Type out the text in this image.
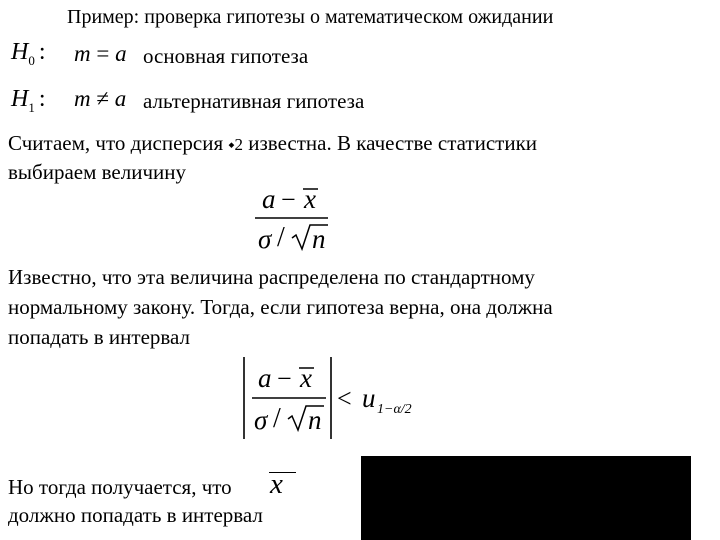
Пример: проверка гипотезы о математическом ожидании
$H_0$ : m = a основная гипотеза
$H_1$ : m ≠ a альтернативная гипотеза
Считаем, что дисперсия ⬩2 известна. В качестве статистики
выбираем величину
a − x
σ / n
Известно, что эта величина распределена по стандартному
нормальному закону. Тогда, если гипотеза верна, она должна
попадать в интервал
a − x
σ / n
< u 1−α/2
Но тогда получается, что x
должно попадать в интервал
